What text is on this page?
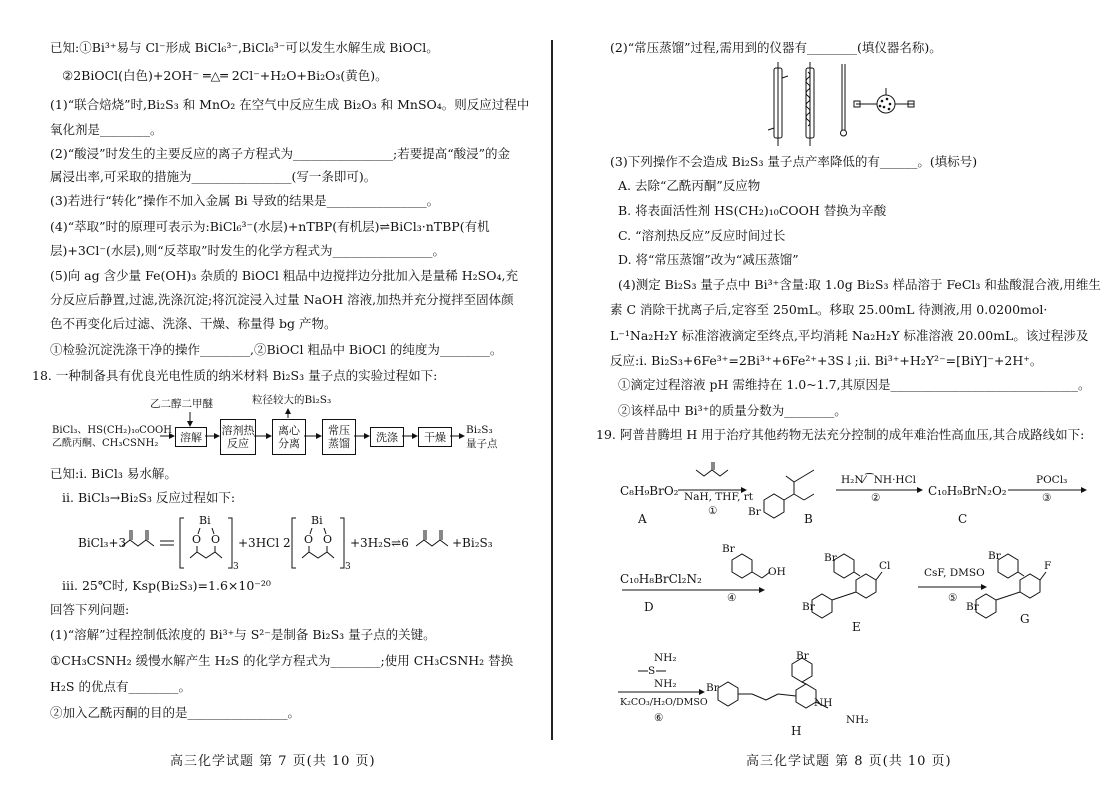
已知:①Bi³⁺易与 Cl⁻形成 BiCl₆³⁻,BiCl₆³⁻可以发生水解生成 BiOCl。
②2BiOCl(白色)+2OH⁻ ═△═ 2Cl⁻+H₂O+Bi₂O₃(黄色)。
(1)“联合焙烧”时,Bi₂S₃ 和 MnO₂ 在空气中反应生成 Bi₂O₃ 和 MnSO₄。则反应过程中
氧化剂是________。
(2)“酸浸”时发生的主要反应的离子方程式为________________;若要提高“酸浸”的金
属浸出率,可采取的措施为________________(写一条即可)。
(3)若进行“转化”操作不加入金属 Bi 导致的结果是________________。
(4)“萃取”时的原理可表示为:BiCl₆³⁻(水层)+nTBP(有机层)⇌BiCl₃·nTBP(有机
层)+3Cl⁻(水层),则“反萃取”时发生的化学方程式为________________。
(5)向 ag 含少量 Fe(OH)₃ 杂质的 BiOCl 粗品中边搅拌边分批加入是量稀 H₂SO₄,充
分反应后静置,过滤,洗涤沉淀;将沉淀浸入过量 NaOH 溶液,加热并充分搅拌至固体颜
色不再变化后过滤、洗涤、干燥、称量得 bg 产物。
①检验沉淀洗涤干净的操作________,②BiOCl 粗品中 BiOCl 的纯度为________。
18. 一种制备具有优良光电性质的纳米材料 Bi₂S₃ 量子点的实验过程如下:
乙二醇二甲醚	粒径较大的Bi₂S₃
BiCl₃、HS(CH₂)₁₀COOH
乙酰丙酮、CH₃CSNH₂	溶解	溶剂热反应
离心分离
常压蒸馏	洗涤	干燥
Bi₂S₃
量子点
已知:ⅰ. BiCl₃ 易水解。
ⅱ. BiCl₃→Bi₂S₃ 反应过程如下:
BiCl₃+3
Bi
O O
3
+3HCl 2
Bi
O O
3
+3H₂S⇌6	+Bi₂S₃
ⅲ. 25℃时, Ksp(Bi₂S₃)=1.6×10⁻²⁰
回答下列问题:
(1)“溶解”过程控制低浓度的 Bi³⁺与 S²⁻是制备 Bi₂S₃ 量子点的关键。
①CH₃CSNH₂ 缓慢水解产生 H₂S 的化学方程式为________;使用 CH₃CSNH₂ 替换
H₂S 的优点有________。
②加入乙酰丙酮的目的是________________。
高三化学试题 第 7 页(共 10 页)
(2)“常压蒸馏”过程,需用到的仪器有________(填仪器名称)。
(3)下列操作不会造成 Bi₂S₃ 量子点产率降低的有______。(填标号)
A. 去除“乙酰丙酮”反应物
B. 将表面活性剂 HS(CH₂)₁₀COOH 替换为辛酸
C. “溶剂热反应”反应时间过长
D. 将“常压蒸馏”改为“减压蒸馏”
(4)测定 Bi₂S₃ 量子点中 Bi³⁺含量:取 1.0g Bi₂S₃ 样品溶于 FeCl₃ 和盐酸混合液,用维生
素 C 消除干扰离子后,定容至 250mL。移取 25.00mL 待测液,用 0.0200mol·
L⁻¹Na₂H₂Y 标准溶液滴定至终点,平均消耗 Na₂H₂Y 标准溶液 20.00mL。该过程涉及
反应:ⅰ. Bi₂S₃+6Fe³⁺=2Bi³⁺+6Fe²⁺+3S↓;ⅱ. Bi³⁺+H₂Y²⁻=[BiY]⁻+2H⁺。
①滴定过程溶液 pH 需维持在 1.0~1.7,其原因是______________________________。
②该样品中 Bi³⁺的质量分数为________。
19. 阿普昔腾坦 H 用于治疗其他药物无法充分控制的成年难治性高血压,其合成路线如下:
C₈H₉BrO₂
A
NaH, THF, rt
①
B
Br
H₂N⁄⁀NH·HCl
②	C₁₀H₉BrN₂O₂
C
POCl₃
③
C₁₀H₈BrCl₂N₂
D
④
Br
OH
Br
Cl
Br
E
CsF, DMSO
⑤
Br
F
Br
G
NH₂
S
NH₂
K₂CO₃/H₂O/DMSO
⑥
Br
Br
NH
NH₂
H
高三化学试题 第 8 页(共 10 页)
